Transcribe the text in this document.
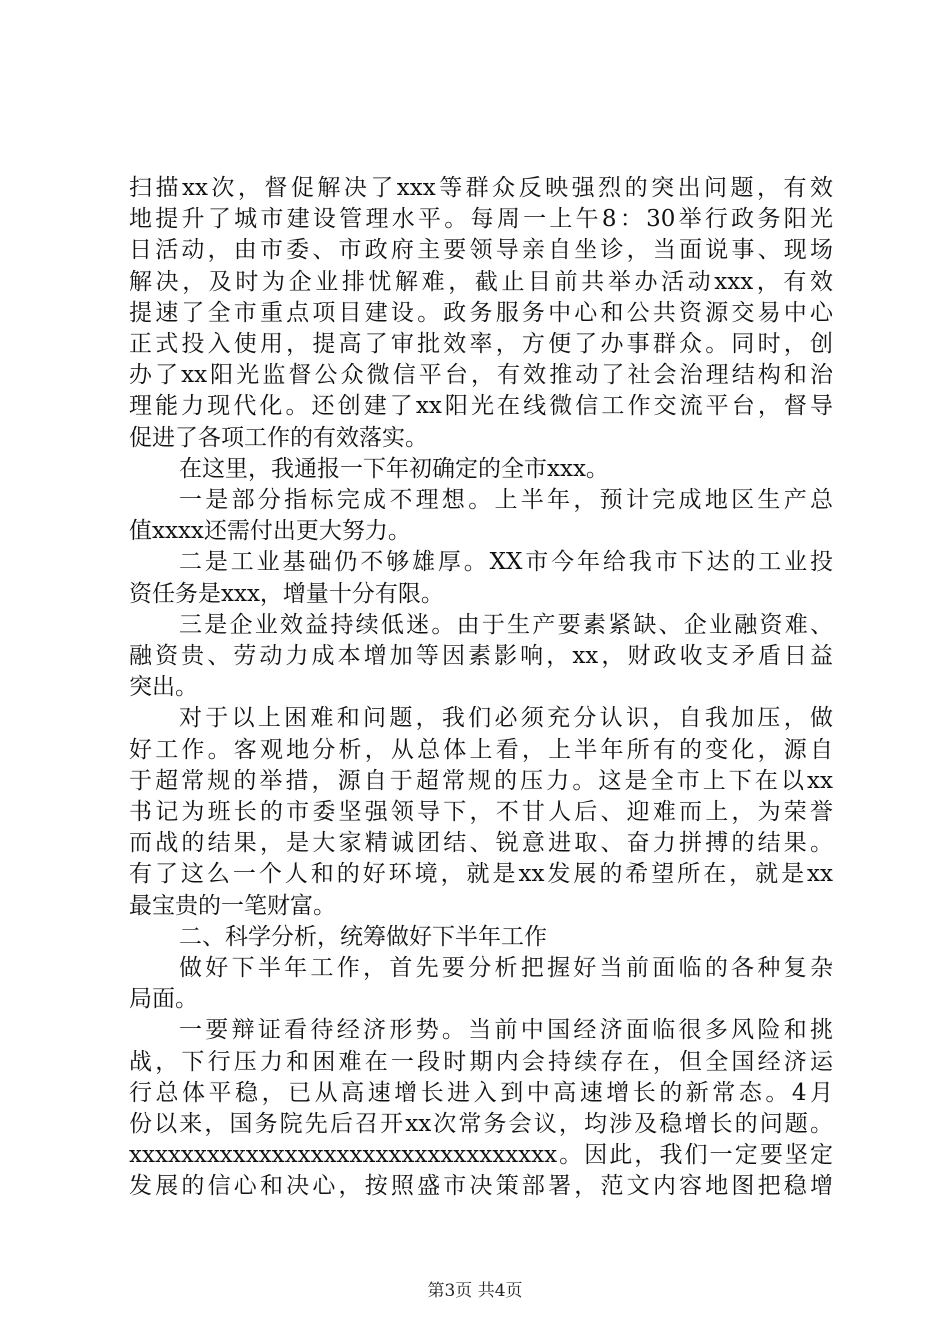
扫描xx次，督促解决了xxx等群众反映强烈的突出问题，有效
地提升了城市建设管理水平。每周一上午8：30举行政务阳光
日活动，由市委、市政府主要领导亲自坐诊，当面说事、现场
解决，及时为企业排忧解难，截止目前共举办活动xxx，有效
提速了全市重点项目建设。政务服务中心和公共资源交易中心
正式投入使用，提高了审批效率，方便了办事群众。同时，创
办了xx阳光监督公众微信平台，有效推动了社会治理结构和治
理能力现代化。还创建了xx阳光在线微信工作交流平台，督导
促进了各项工作的有效落实。
在这里，我通报一下年初确定的全市xxx。
一是部分指标完成不理想。上半年，预计完成地区生产总
值xxxx还需付出更大努力。
二是工业基础仍不够雄厚。XX市今年给我市下达的工业投
资任务是xxx，增量十分有限。
三是企业效益持续低迷。由于生产要素紧缺、企业融资难、
融资贵、劳动力成本增加等因素影响，xx，财政收支矛盾日益
突出。
对于以上困难和问题，我们必须充分认识，自我加压，做
好工作。客观地分析，从总体上看，上半年所有的变化，源自
于超常规的举措，源自于超常规的压力。这是全市上下在以xx
书记为班长的市委坚强领导下，不甘人后、迎难而上，为荣誉
而战的结果，是大家精诚团结、锐意进取、奋力拼搏的结果。
有了这么一个人和的好环境，就是xx发展的希望所在，就是xx
最宝贵的一笔财富。
二、科学分析，统筹做好下半年工作
做好下半年工作，首先要分析把握好当前面临的各种复杂
局面。
一要辩证看待经济形势。当前中国经济面临很多风险和挑
战，下行压力和困难在一段时期内会持续存在，但全国经济运
行总体平稳，已从高速增长进入到中高速增长的新常态。4月
份以来，国务院先后召开xx次常务会议，均涉及稳增长的问题。
xxxxxxxxxxxxxxxxxxxxxxxxxxxxxxxxx。因此，我们一定要坚定
发展的信心和决心，按照盛市决策部署，范文内容地图把稳增
第3页 共4页
